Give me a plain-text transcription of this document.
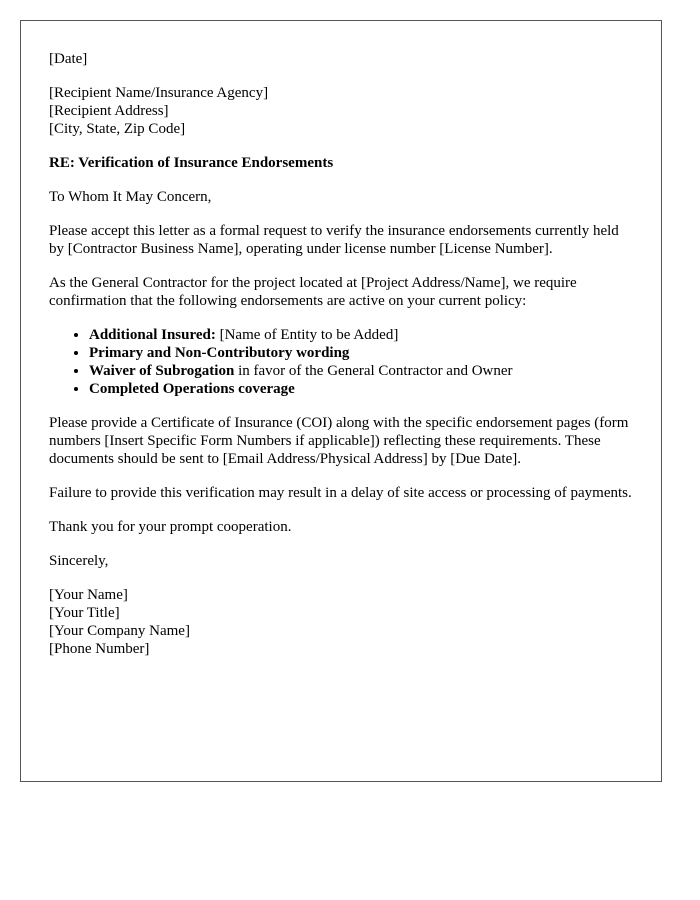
[Date]

[Recipient Name/Insurance Agency]
[Recipient Address]
[City, State, Zip Code]

RE: Verification of Insurance Endorsements

To Whom It May Concern,

Please accept this letter as a formal request to verify the insurance endorsements currently held by [Contractor Business Name], operating under license number [License Number].

As the General Contractor for the project located at [Project Address/Name], we require confirmation that the following endorsements are active on your current policy:

• Additional Insured: [Name of Entity to be Added]
• Primary and Non-Contributory wording
• Waiver of Subrogation in favor of the General Contractor and Owner
• Completed Operations coverage

Please provide a Certificate of Insurance (COI) along with the specific endorsement pages (form numbers [Insert Specific Form Numbers if applicable]) reflecting these requirements. These documents should be sent to [Email Address/Physical Address] by [Due Date].

Failure to provide this verification may result in a delay of site access or processing of payments.

Thank you for your prompt cooperation.

Sincerely,

[Your Name]
[Your Title]
[Your Company Name]
[Phone Number]
